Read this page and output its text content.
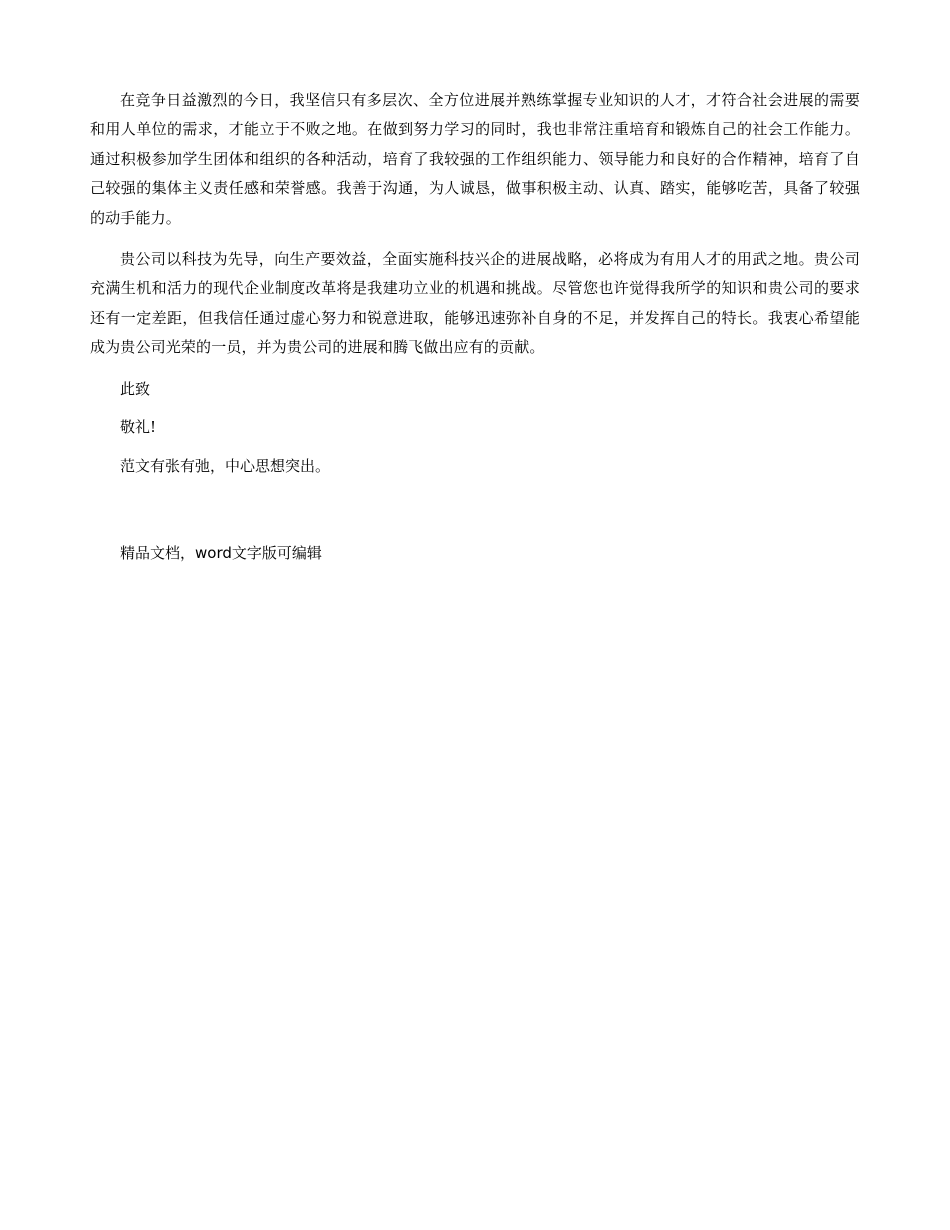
在竞争日益激烈的今日，我坚信只有多层次、全方位进展并熟练掌握专业知识的人才，才符合社会进展的需要和用人单位的需求，才能立于不败之地。在做到努力学习的同时，我也非常注重培育和锻炼自己的社会工作能力。通过积极参加学生团体和组织的各种活动，培育了我较强的工作组织能力、领导能力和良好的合作精神，培育了自己较强的集体主义责任感和荣誉感。我善于沟通，为人诚恳，做事积极主动、认真、踏实，能够吃苦，具备了较强的动手能力。

贵公司以科技为先导，向生产要效益，全面实施科技兴企的进展战略，必将成为有用人才的用武之地。贵公司充满生机和活力的现代企业制度改革将是我建功立业的机遇和挑战。尽管您也许觉得我所学的知识和贵公司的要求还有一定差距，但我信任通过虚心努力和锐意进取，能够迅速弥补自身的不足，并发挥自己的特长。我衷心希望能成为贵公司光荣的一员，并为贵公司的进展和腾飞做出应有的贡献。

此致

敬礼!

范文有张有弛，中心思想突出。

精品文档，word文字版可编辑
